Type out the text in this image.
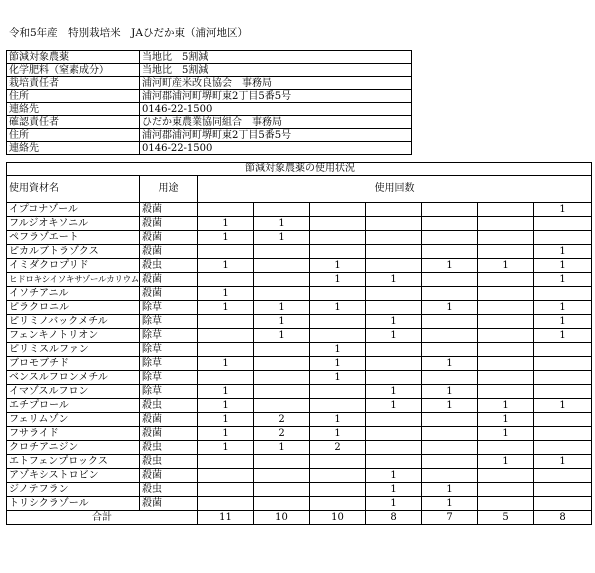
令和5年産　特別栽培米　JAひだか東（浦河地区）
節減対象農薬	当地比　5割減
化学肥料（窒素成分）	当地比　5割減
栽培責任者	浦河町産米改良協会　事務局
住所	浦河郡浦河町堺町東2丁目5番5号
連絡先	0146-22-1500
確認責任者	ひだか東農業協同組合　事務局
住所	浦河郡浦河町堺町東2丁目5番5号
連絡先	0146-22-1500
節減対象農薬の使用状況								
使用資材名	用途	使用回数						
イプコナゾール	殺菌							1
フルジオキソニル	殺菌	1	1					
ペフラゾエート	殺菌	1	1					
ピカルブトラゾクス	殺菌							1
イミダクロプリド	殺虫	1		1		1	1	1
ヒドロキシイソキサゾールカリウム	殺菌			1	1			1
イソチアニル	殺菌	1						
ピラクロニル	除草	1	1	1		1		1
ピリミノバックメチル	除草		1		1			1
フェンキノトリオン	除草		1		1			1
ピリミスルファン	除草			1				
ブロモブチド	除草	1		1		1		
ベンスルフロンメチル	除草			1				
イマゾスルフロン	除草	1			1	1		
エチプロール	殺虫	1			1	1	1	1
フェリムゾン	殺菌	1	2	1			1	
フサライド	殺菌	1	2	1			1	
クロチアニジン	殺虫	1	1	2				
エトフェンプロックス	殺虫						1	1
アゾキシストロビン	殺菌				1			
ジノテフラン	殺虫				1	1		
トリシクラゾール	殺菌				1	1		
合計		11	10	10	8	7	5	8
